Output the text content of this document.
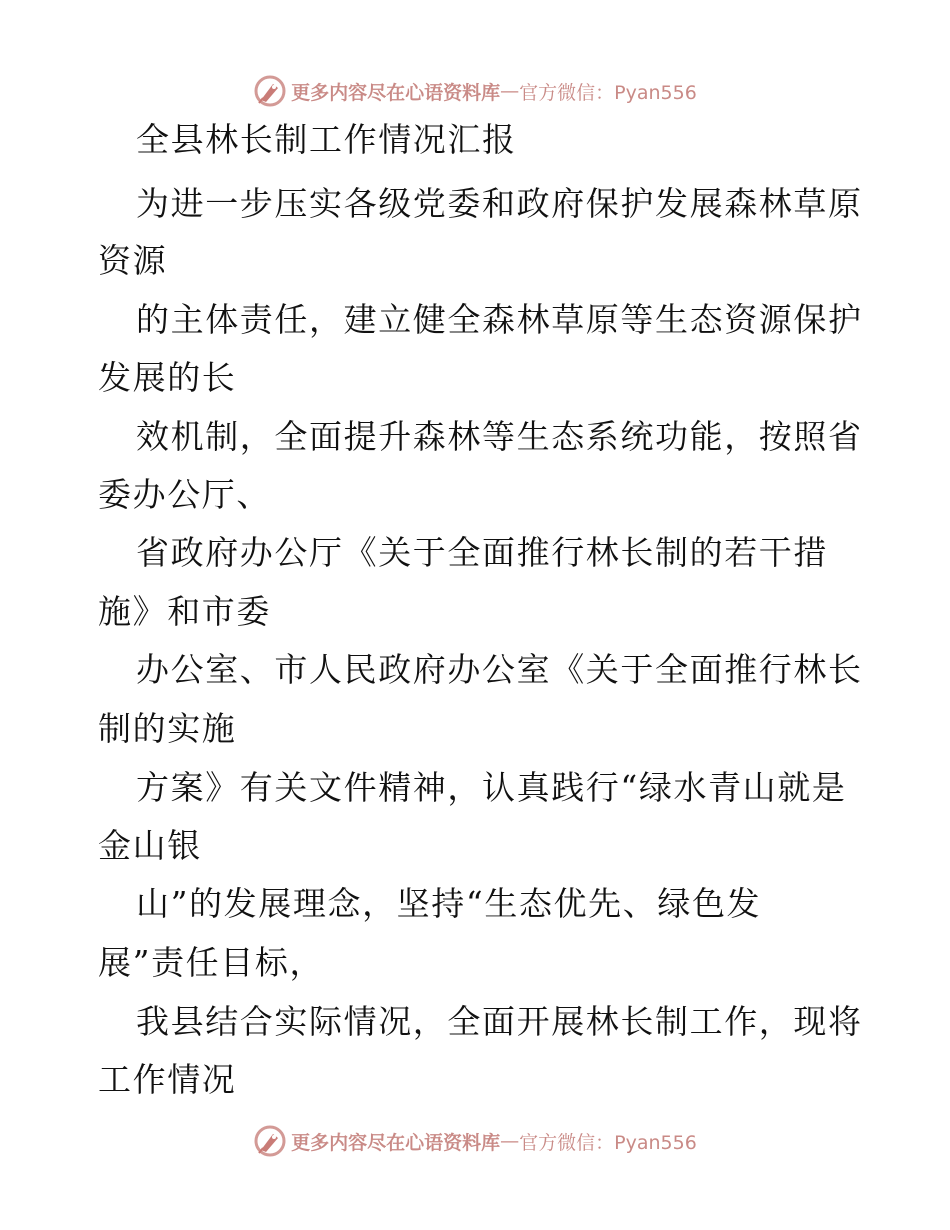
更多内容尽在心语资料库 — 官方微信：Pyan556
全县林长制工作情况汇报
为进一步压实各级党委和政府保护发展森林草原
资源
的主体责任，建立健全森林草原等生态资源保护
发展的长
效机制，全面提升森林等生态系统功能，按照省
委办公厅、
省政府办公厅《关于全面推行林长制的若干措
施》和市委
办公室、市人民政府办公室《关于全面推行林长
制的实施
方案》有关文件精神，认真践行“绿水青山就是
金山银
山”的发展理念，坚持“生态优先、绿色发
展”责任目标，
我县结合实际情况，全面开展林长制工作，现将
工作情况
更多内容尽在心语资料库 — 官方微信：Pyan556
